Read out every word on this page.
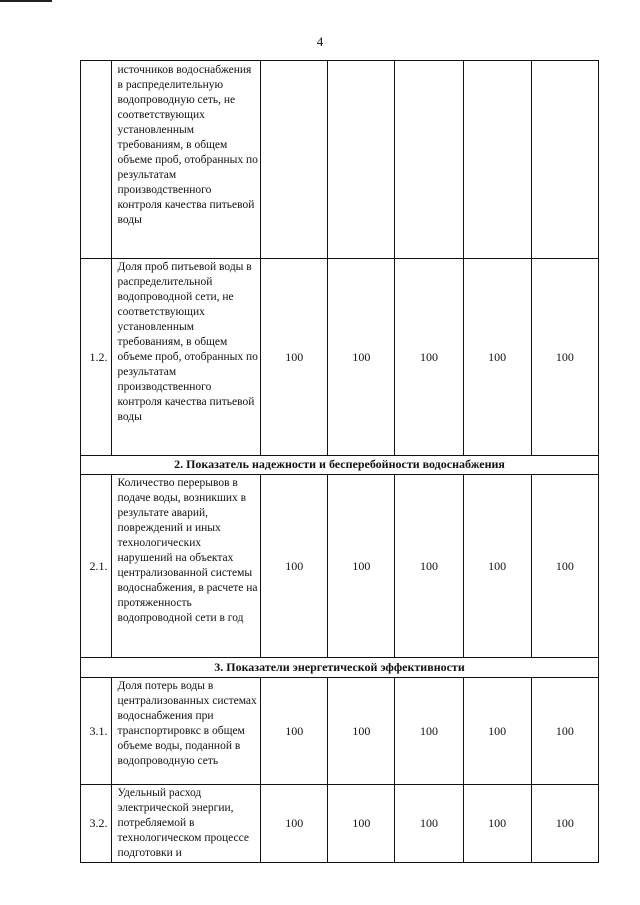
4
	источников водоснабжения в распределительную водопроводную сеть, не соответствующих установленным требованиям, в общем объеме проб, отобранных по результатам производственного контроля качества питьевой воды					
1.2.	Доля проб питьевой воды в распределительной водопроводной сети, не соответствующих установленным требованиям, в общем объеме проб, отобранных по результатам производственного контроля качества питьевой воды	100	100	100	100	100
2. Показатель надежности и бесперебойности водоснабжения						
2.1.	Количество перерывов в подаче воды, возникших в результате аварий, повреждений и иных технологических нарушений на объектах централизованной системы водоснабжения, в расчете на протяженность водопроводной сети в год	100	100	100	100	100
3. Показатели энергетической эффективности						
3.1.	Доля потерь воды в централизованных системах водоснабжения при транспортировкс в общем объеме воды, поданной в водопроводную сеть	100	100	100	100	100
3.2.	Удельный расход электрической энергии, потребляемой в технологическом процессе подготовки и	100	100	100	100	100
